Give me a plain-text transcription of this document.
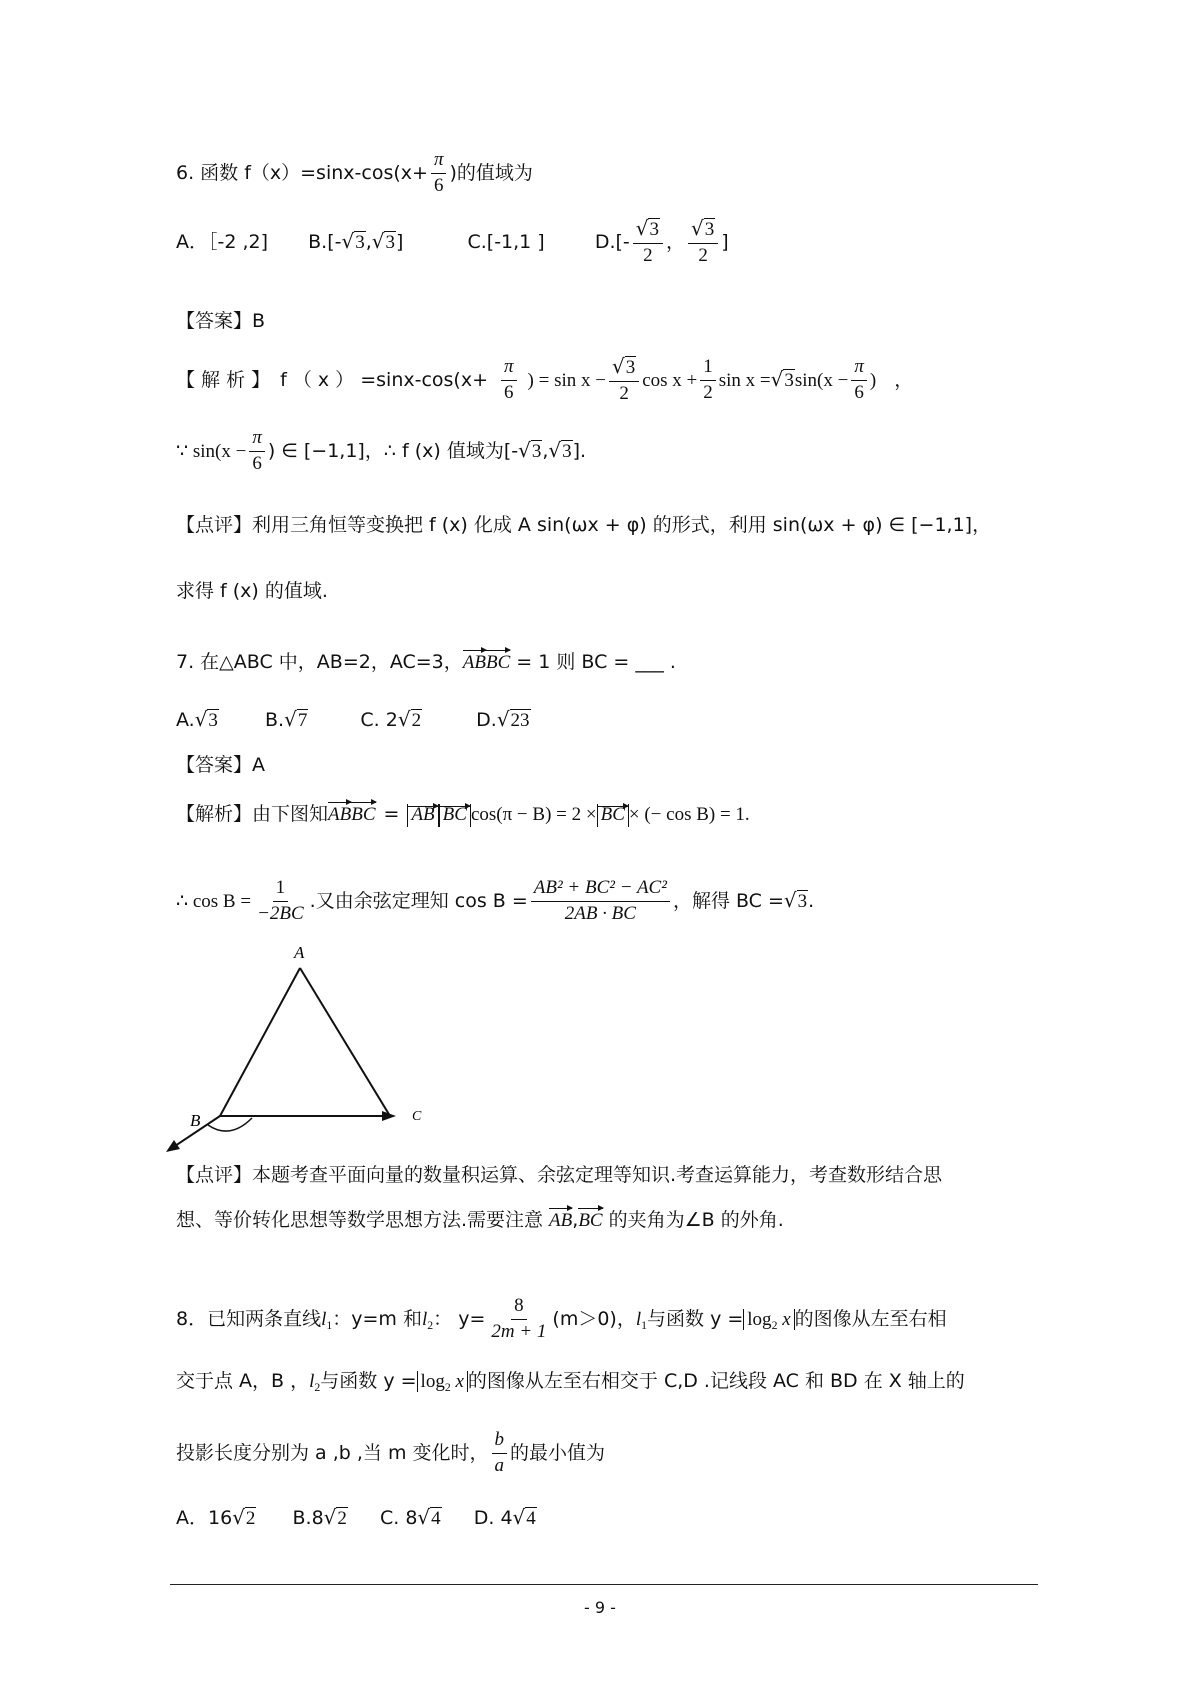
6. 函数 $f(x)=\sin x-\cos(x+ \frac{\pi}{6}$ )的值域为
A．［-2 ,2] B.[-√3,√3]	C.[-1,1 ]	$D.[- \frac{√3}{2}$ ， $\frac{√3}{2}$ ]
【答案】B
【 解 析 】 f （ x ） $=\sin x-\cos(x+ \frac{\pi}{6}$ ) = $\sin x - \frac{√3}{2}$ $\cos x + \frac{1}{2}$ $\sin x =√3\sin(x - \frac{\pi}{6}$ ) ，
∵ $\sin(x - \frac{\pi}{6}$ ) ∈ [−1,1]，∴ f (x) 值域为[-√3,√3].
【点评】利用三角恒等变换把 f (x) 化成 A sin(ωx + φ) 的形式，利用 sin(ωx + φ) ∈ [−1,1]，
求得 f (x) 的值域.
7. 在△ABC 中，AB=2，AC=3，ABBC = 1 则 BC = ___ .
A.√3 B.√7	C. 2√2	D.√23
【答案】A
【解析】由下图知ABBC = AB BC cos(π − B) = 2 × BC × (− cos B) = 1.
∴ $\cos B = \frac{1}{-2BC}$ .又由余弦定理知 $\cos B = \frac{\text{AB² + BC² − AC²}}{2AB \cdot BC}$ ，解得 BC =√3.
A
B	C
【点评】本题考查平面向量的数量积运算、余弦定理等知识.考查运算能力，考查数形结合思
想、等价转化思想等数学思想方法.需要注意 AB,BC 的夹角为∠B 的外角.
8．已知两条直线$l_1$：y=m 和$l_2$： $y= \frac{8}{2m + 1} (m>0)$，$l_1$与函数 $y = \log_2 x$ 的图像从左至右相
交于点 A，B ，$l_2$与函数 $y = \log_2 x$ 的图像从左至右相交于 C,D .记线段 AC 和 BD 在 X 轴上的
投影长度分别为 a ,b ,当 m 变化时， $\frac{b}{a}$ 的最小值为
A．16√2 B.8√2 C. 8√4 D. 4√4
- 9 -
